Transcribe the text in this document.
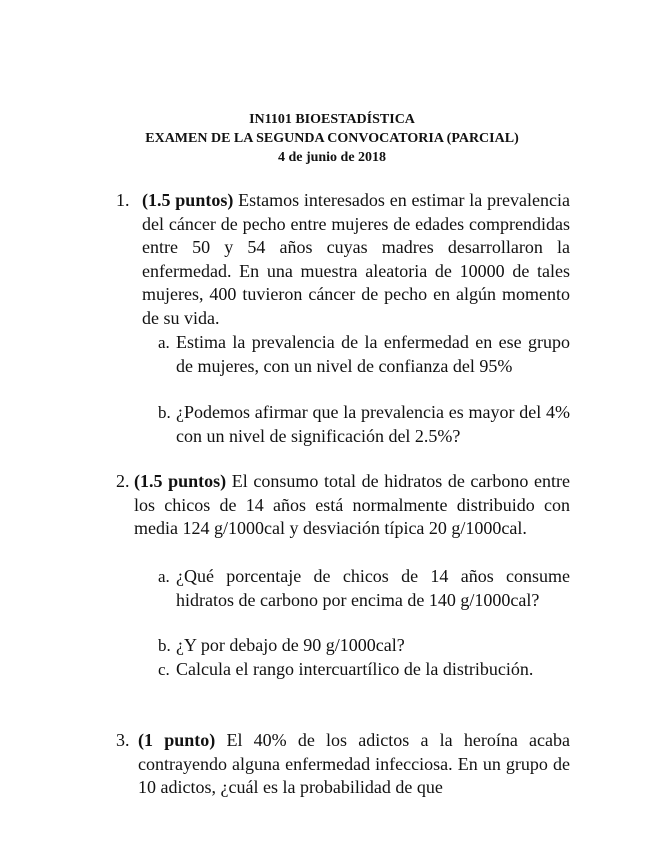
IN1101 BIOESTADÍSTICA
EXAMEN DE LA SEGUNDA CONVOCATORIA (PARCIAL)
4 de junio de 2018
1. (1.5 puntos) Estamos interesados en estimar la prevalencia del cáncer de pecho entre mujeres de edades comprendidas entre 50 y 54 años cuyas madres desarrollaron la enfermedad. En una muestra aleatoria de 10000 de tales mujeres, 400 tuvieron cáncer de pecho en algún momento de su vida.
a. Estima la prevalencia de la enfermedad en ese grupo de mujeres, con un nivel de confianza del 95%
b. ¿Podemos afirmar que la prevalencia es mayor del 4% con un nivel de significación del 2.5%?
2. (1.5 puntos) El consumo total de hidratos de carbono entre los chicos de 14 años está normalmente distribuido con media 124 g/1000cal y desviación típica 20 g/1000cal.
a. ¿Qué porcentaje de chicos de 14 años consume hidratos de carbono por encima de 140 g/1000cal?
b. ¿Y por debajo de 90 g/1000cal?
c. Calcula el rango intercuartílico de la distribución.
3. (1 punto) El 40% de los adictos a la heroína acaba contrayendo alguna enfermedad infecciosa. En un grupo de 10 adictos, ¿cuál es la probabilidad de que
